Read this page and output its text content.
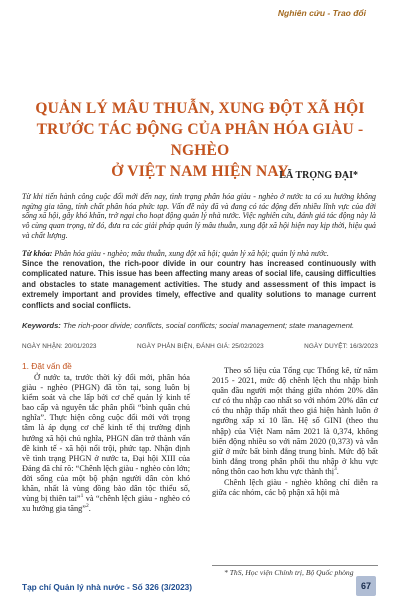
Nghiên cứu - Trao đổi
QUẢN LÝ MÂU THUẪN, XUNG ĐỘT XÃ HỘI
TRƯỚC TÁC ĐỘNG CỦA PHÂN HÓA GIÀU - NGHÈO
Ở VIỆT NAM HIỆN NAY
LÃ TRỌNG ĐẠI*
Từ khi tiến hành công cuộc đổi mới đến nay, tình trạng phân hóa giàu - nghèo ở nước ta có xu hướng không ngừng gia tăng, tính chất phân hóa phức tạp. Vấn đề này đã và đang có tác động đến nhiều lĩnh vực của đời sống xã hội, gây khó khăn, trở ngại cho hoạt động quản lý nhà nước. Việc nghiên cứu, đánh giá tác động này là vô cùng quan trọng, từ đó, đưa ra các giải pháp quản lý mâu thuẫn, xung đột xã hội hiện nay kịp thời, hiệu quả và chất lượng.
Từ khóa: Phân hóa giàu - nghèo; mâu thuẫn, xung đột xã hội; quản lý xã hội; quản lý nhà nước.
Since the renovation, the rich-poor divide in our country has increased continuously with complicated nature. This issue has been affecting many areas of social life, causing difficulties and obstacles to state management activities. The study and assessment of this impact is extremely important and provides timely, effective and quality solutions to manage current conflicts and social conflicts.
Keywords: The rich-poor divide; conflicts, social conflicts; social management; state management.
NGÀY NHẬN: 20/01/2023	NGÀY PHẢN BIỆN, ĐÁNH GIÁ: 25/02/2023	NGÀY DUYỆT: 16/3/2023
1. Đặt vấn đề

Ở nước ta, trước thời kỳ đổi mới, phân hóa giàu - nghèo (PHGN) đã tồn tại, song luôn bị kiểm soát và che lấp bởi cơ chế quản lý kinh tế bao cấp và nguyên tắc phân phối “bình quân chủ nghĩa”. Thực hiện công cuộc đổi mới với trọng tâm là áp dụng cơ chế kinh tế thị trường định hướng xã hội chủ nghĩa, PHGN dần trở thành vấn đề kinh tế - xã hội nổi trội, phức tạp. Nhận định về tình trạng PHGN ở nước ta, Đại hội XIII của Đảng đã chỉ rõ: “Chênh lệch giàu - nghèo còn lớn; đời sống của một bộ phận người dân còn khó khăn, nhất là vùng đồng bào dân tộc thiểu số, vùng bị thiên tai”$^1$ và “chênh lệch giàu - nghèo có xu hướng gia tăng”$^2$.

Theo số liệu của Tổng cục Thống kê, từ năm 2015 - 2021, mức độ chênh lệch thu nhập bình quân đầu người một tháng giữa nhóm 20% dân cư có thu nhập cao nhất so với nhóm 20% dân cư có thu nhập thấp nhất theo giá hiện hành luôn ở ngưỡng xấp xỉ 10 lần. Hệ số GINI (theo thu nhập) của Việt Nam năm 2021 là 0,374, không biến động nhiều so với năm 2020 (0,373) và vẫn giữ ở mức bất bình đẳng trung bình. Mức độ bất bình đẳng trong phân phối thu nhập ở khu vực nông thôn cao hơn khu vực thành thị$^3$.

Chênh lệch giàu - nghèo không chỉ diễn ra giữa các nhóm, các bộ phận xã hội mà

* ThS, Học viện Chính trị, Bộ Quốc phòng
Tạp chí Quản lý nhà nước - Số 326 (3/2023)	67
